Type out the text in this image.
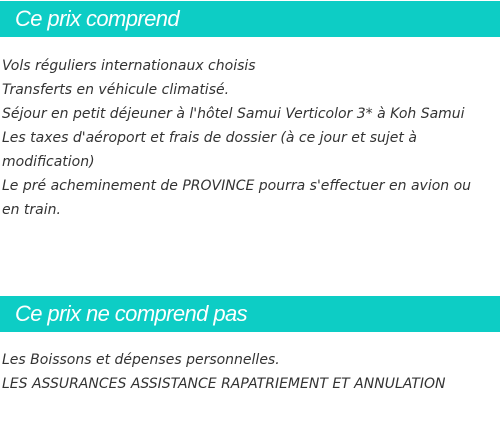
Ce prix comprend
Vols réguliers internationaux choisis
Transferts en véhicule climatisé.
Séjour en petit déjeuner à l'hôtel Samui Verticolor 3* à Koh Samui
Les taxes d'aéroport et frais de dossier (à ce jour et sujet à modification)
Le pré acheminement de PROVINCE pourra s'effectuer en avion ou en train.
Ce prix ne comprend pas
Les Boissons et dépenses personnelles.
LES ASSURANCES ASSISTANCE RAPATRIEMENT ET ANNULATION
